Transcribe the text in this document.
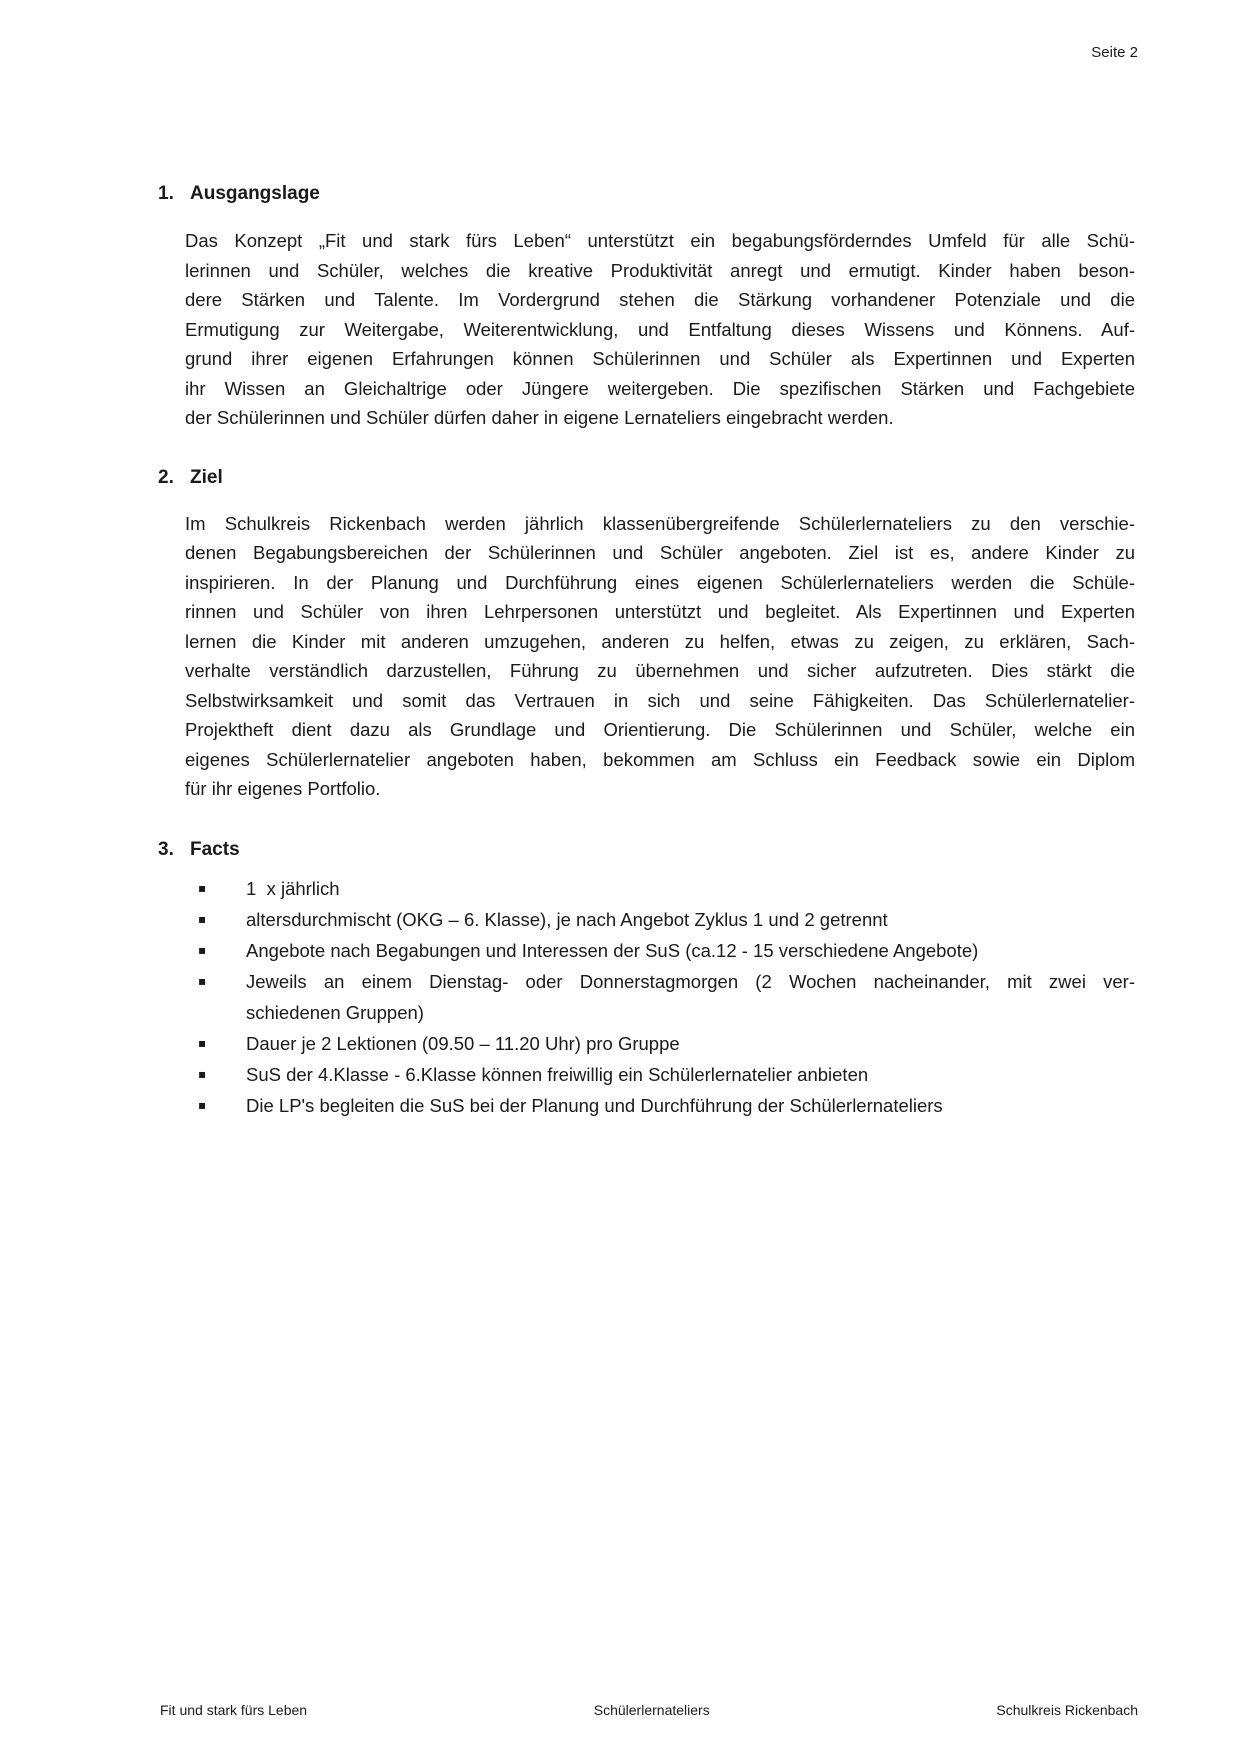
Seite 2
1. Ausgangslage
Das Konzept „Fit und stark fürs Leben“ unterstützt ein begabungsförderndes Umfeld für alle Schü-
lerinnen und Schüler, welches die kreative Produktivität anregt und ermutigt. Kinder haben beson-
dere Stärken und Talente. Im Vordergrund stehen die Stärkung vorhandener Potenziale und die
Ermutigung zur Weitergabe, Weiterentwicklung, und Entfaltung dieses Wissens und Könnens. Auf-
grund ihrer eigenen Erfahrungen können Schülerinnen und Schüler als Expertinnen und Experten
ihr Wissen an Gleichaltrige oder Jüngere weitergeben. Die spezifischen Stärken und Fachgebiete
der Schülerinnen und Schüler dürfen daher in eigene Lernateliers eingebracht werden.
2. Ziel
Im Schulkreis Rickenbach werden jährlich klassenübergreifende Schülerlernateliers zu den verschie-
denen Begabungsbereichen der Schülerinnen und Schüler angeboten. Ziel ist es, andere Kinder zu
inspirieren. In der Planung und Durchführung eines eigenen Schülerlernateliers werden die Schüle-
rinnen und Schüler von ihren Lehrpersonen unterstützt und begleitet. Als Expertinnen und Experten
lernen die Kinder mit anderen umzugehen, anderen zu helfen, etwas zu zeigen, zu erklären, Sach-
verhalte verständlich darzustellen, Führung zu übernehmen und sicher aufzutreten. Dies stärkt die
Selbstwirksamkeit und somit das Vertrauen in sich und seine Fähigkeiten. Das Schülerlernatelier-
Projektheft dient dazu als Grundlage und Orientierung. Die Schülerinnen und Schüler, welche ein
eigenes Schülerlernatelier angeboten haben, bekommen am Schluss ein Feedback sowie ein Diplom
für ihr eigenes Portfolio.
3. Facts
▪	1  x jährlich
▪	altersdurchmischt (OKG – 6. Klasse), je nach Angebot Zyklus 1 und 2 getrennt
▪	Angebote nach Begabungen und Interessen der SuS (ca.12 - 15 verschiedene Angebote)
▪	Jeweils an einem Dienstag- oder Donnerstagmorgen (2 Wochen nacheinander, mit zwei ver-
schiedenen Gruppen)
▪	Dauer je 2 Lektionen (09.50 – 11.20 Uhr) pro Gruppe
▪	SuS der 4.Klasse - 6.Klasse können freiwillig ein Schülerlernatelier anbieten
▪	Die LP's begleiten die SuS bei der Planung und Durchführung der Schülerlernateliers
Fit und stark fürs Leben	Schülerlernateliers	Schulkreis Rickenbach
